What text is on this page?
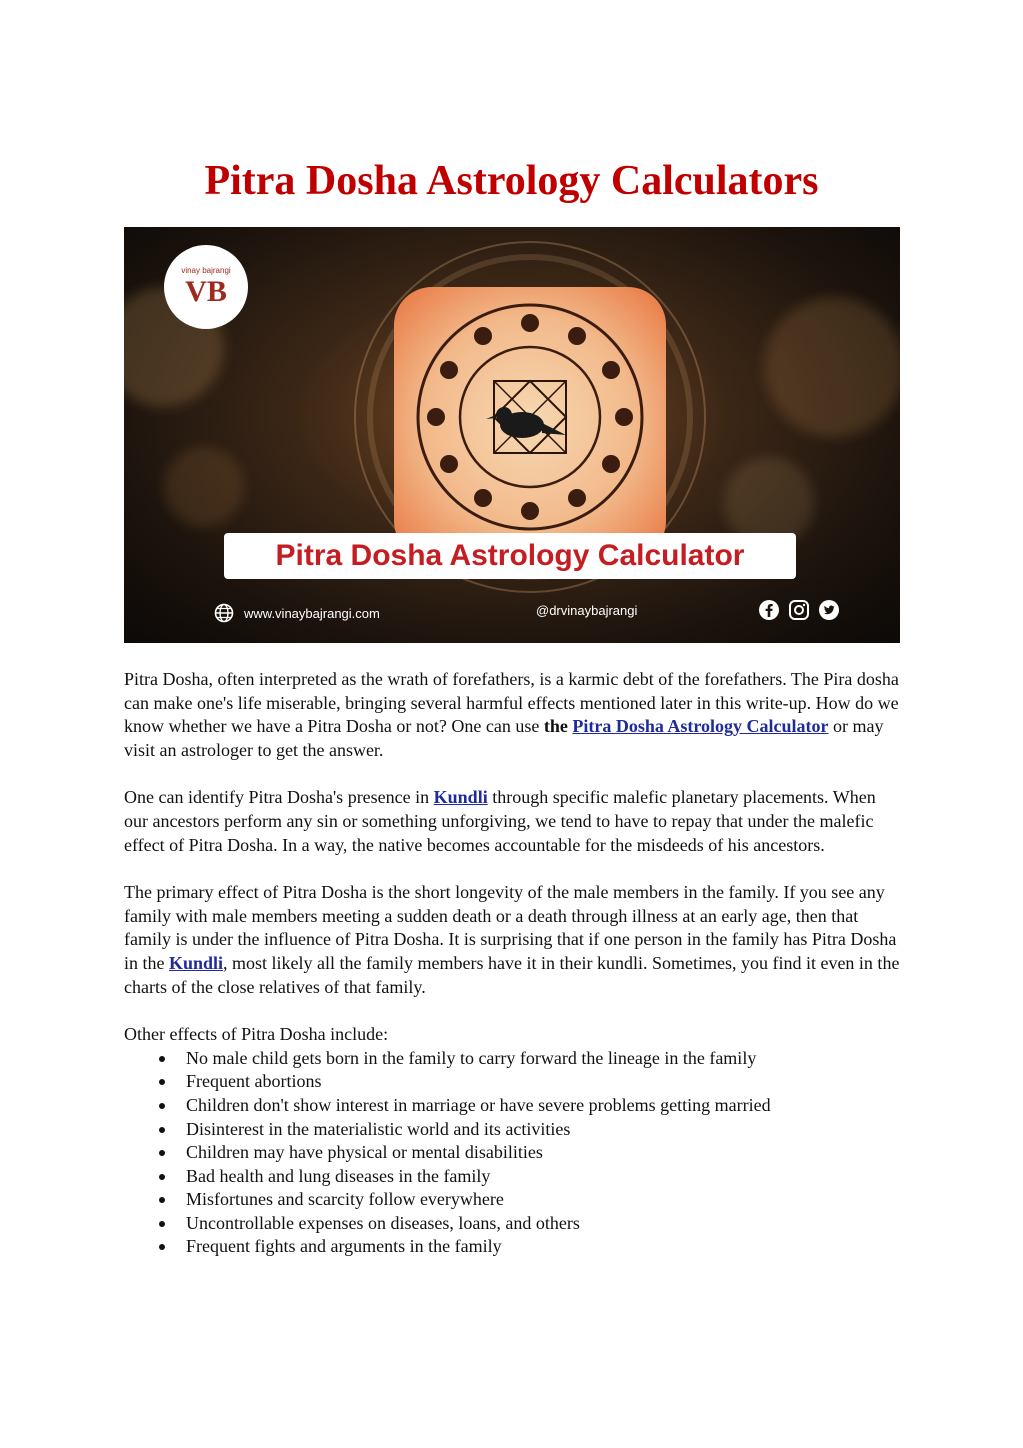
Pitra Dosha Astrology Calculators
vinay bajrangi
VB
Pitra Dosha Astrology Calculator
www.vinaybajrangi.com	@drvinaybajrangi

Pitra Dosha, often interpreted as the wrath of forefathers, is a karmic debt of the forefathers. The Pira dosha can make one's life miserable, bringing several harmful effects mentioned later in this write-up. How do we know whether we have a Pitra Dosha or not? One can use the Pitra Dosha Astrology Calculator or may visit an astrologer to get the answer.

One can identify Pitra Dosha's presence in Kundli through specific malefic planetary placements. When our ancestors perform any sin or something unforgiving, we tend to have to repay that under the malefic effect of Pitra Dosha. In a way, the native becomes accountable for the misdeeds of his ancestors.

The primary effect of Pitra Dosha is the short longevity of the male members in the family. If you see any family with male members meeting a sudden death or a death through illness at an early age, then that family is under the influence of Pitra Dosha. It is surprising that if one person in the family has Pitra Dosha in the Kundli, most likely all the family members have it in their kundli. Sometimes, you find it even in the charts of the close relatives of that family.

Other effects of Pitra Dosha include:
No male child gets born in the family to carry forward the lineage in the family
Frequent abortions
Children don't show interest in marriage or have severe problems getting married
Disinterest in the materialistic world and its activities
Children may have physical or mental disabilities
Bad health and lung diseases in the family
Misfortunes and scarcity follow everywhere
Uncontrollable expenses on diseases, loans, and others
Frequent fights and arguments in the family
